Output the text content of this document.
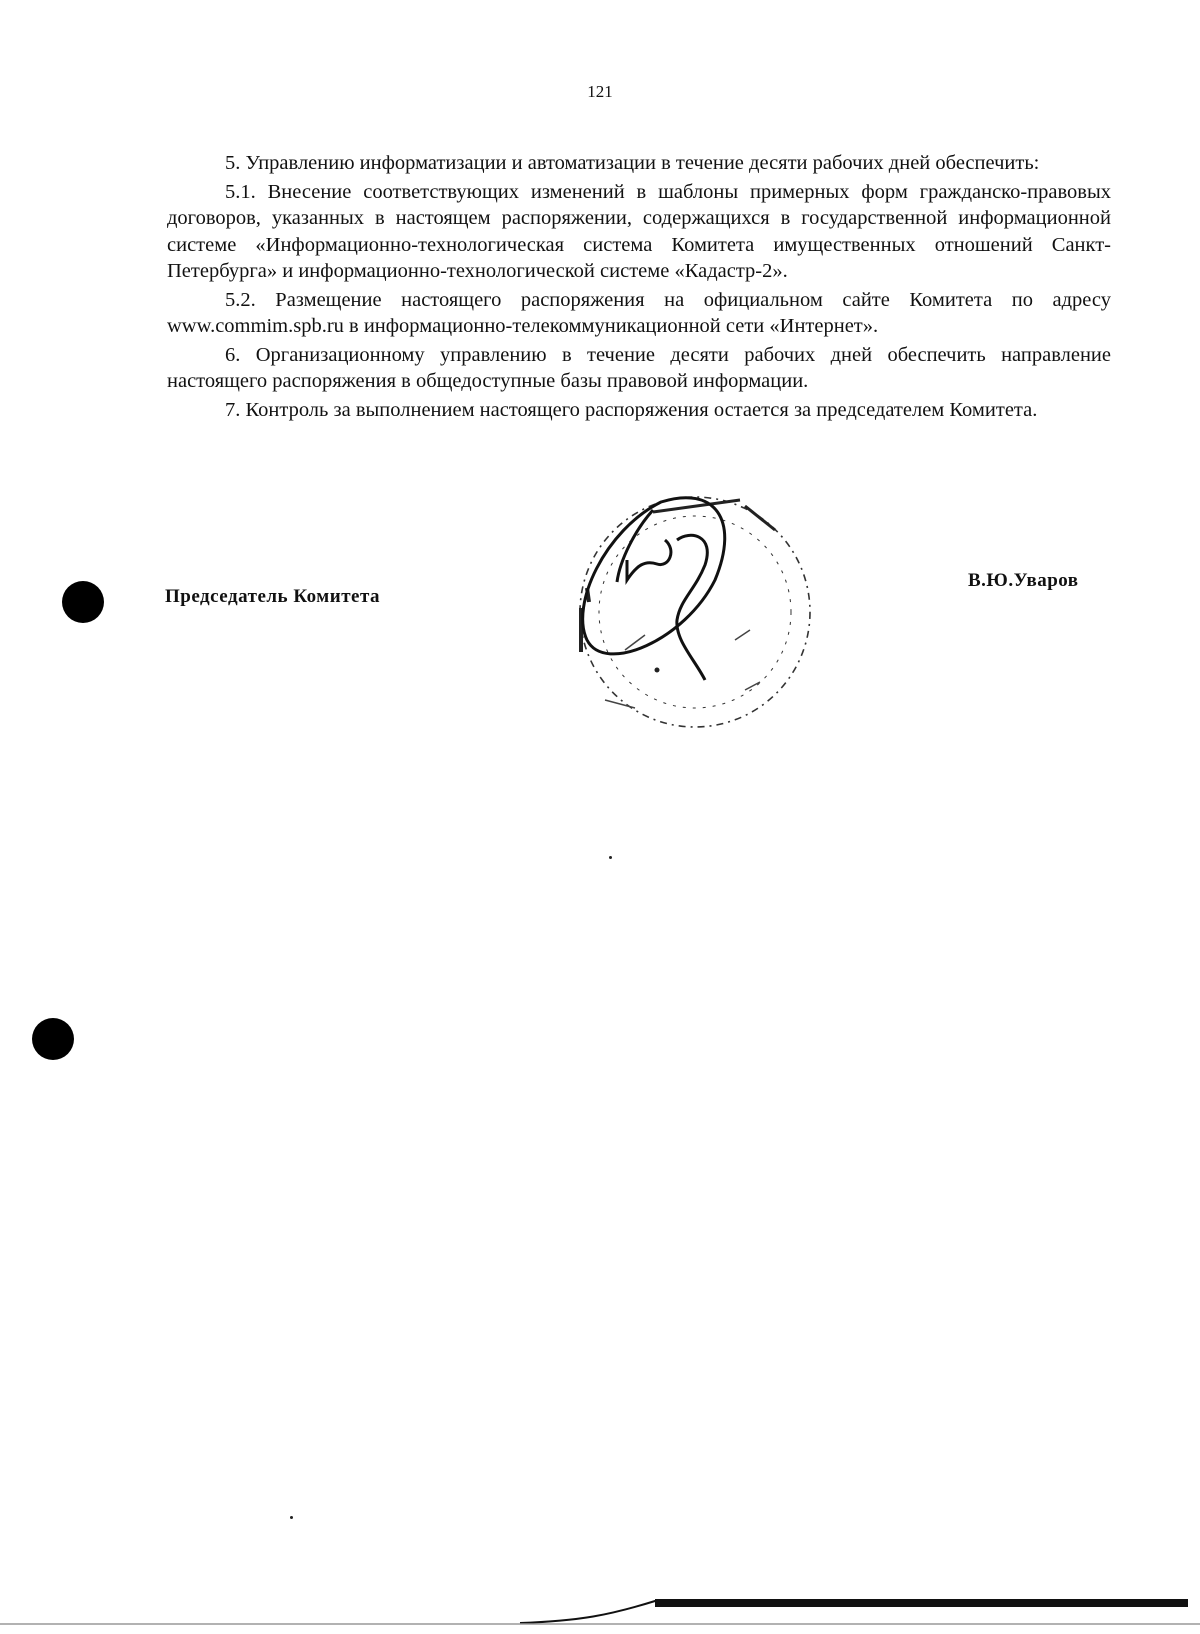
121

5. Управлению информатизации и автоматизации в течение десяти рабочих дней обеспечить:

5.1. Внесение соответствующих изменений в шаблоны примерных форм гражданско-правовых договоров, указанных в настоящем распоряжении, содержащихся в государственной информационной системе «Информационно-технологическая система Комитета имущественных отношений Санкт-Петербурга» и информационно-технологической системе «Кадастр-2».

5.2. Размещение настоящего распоряжения на официальном сайте Комитета по адресу www.commim.spb.ru в информационно-телекоммуникационной сети «Интернет».

6. Организационному управлению в течение десяти рабочих дней обеспечить направление настоящего распоряжения в общедоступные базы правовой информации.

7. Контроль за выполнением настоящего распоряжения остается за председателем Комитета.

Председатель Комитета
В.Ю.Уваров
